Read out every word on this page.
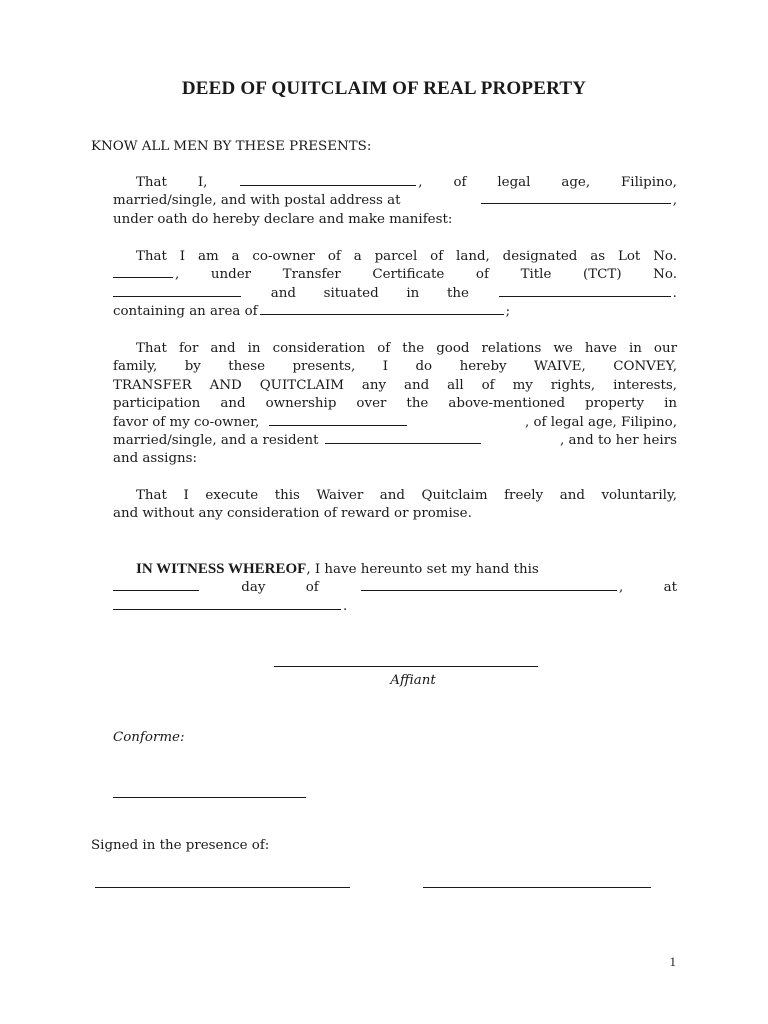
DEED OF QUITCLAIM OF REAL PROPERTY
KNOW ALL MEN BY THESE PRESENTS:
That I,	, of legal age, Filipino,
married/single, and with postal address at	,
under oath do hereby declare and make manifest:
That I am a co-owner of a parcel of land, designated as Lot No.
, under Transfer Certificate of Title (TCT) No.
and situated in the	.
containing an area of	;
That for and in consideration of the good relations we have in our
family, by these presents, I do hereby WAIVE, CONVEY,
TRANSFER AND QUITCLAIM any and all of my rights, interests,
participation and ownership over the above-mentioned property in
favor of my co-owner,	, of legal age, Filipino,
married/single, and a resident	, and to her heirs
and assigns:
That I execute this Waiver and Quitclaim freely and voluntarily,
and without any consideration of reward or promise.
IN WITNESS WHEREOF, I have hereunto set my hand this
day	of	,	at
.
Affiant
Conforme:
Signed in the presence of:
1
